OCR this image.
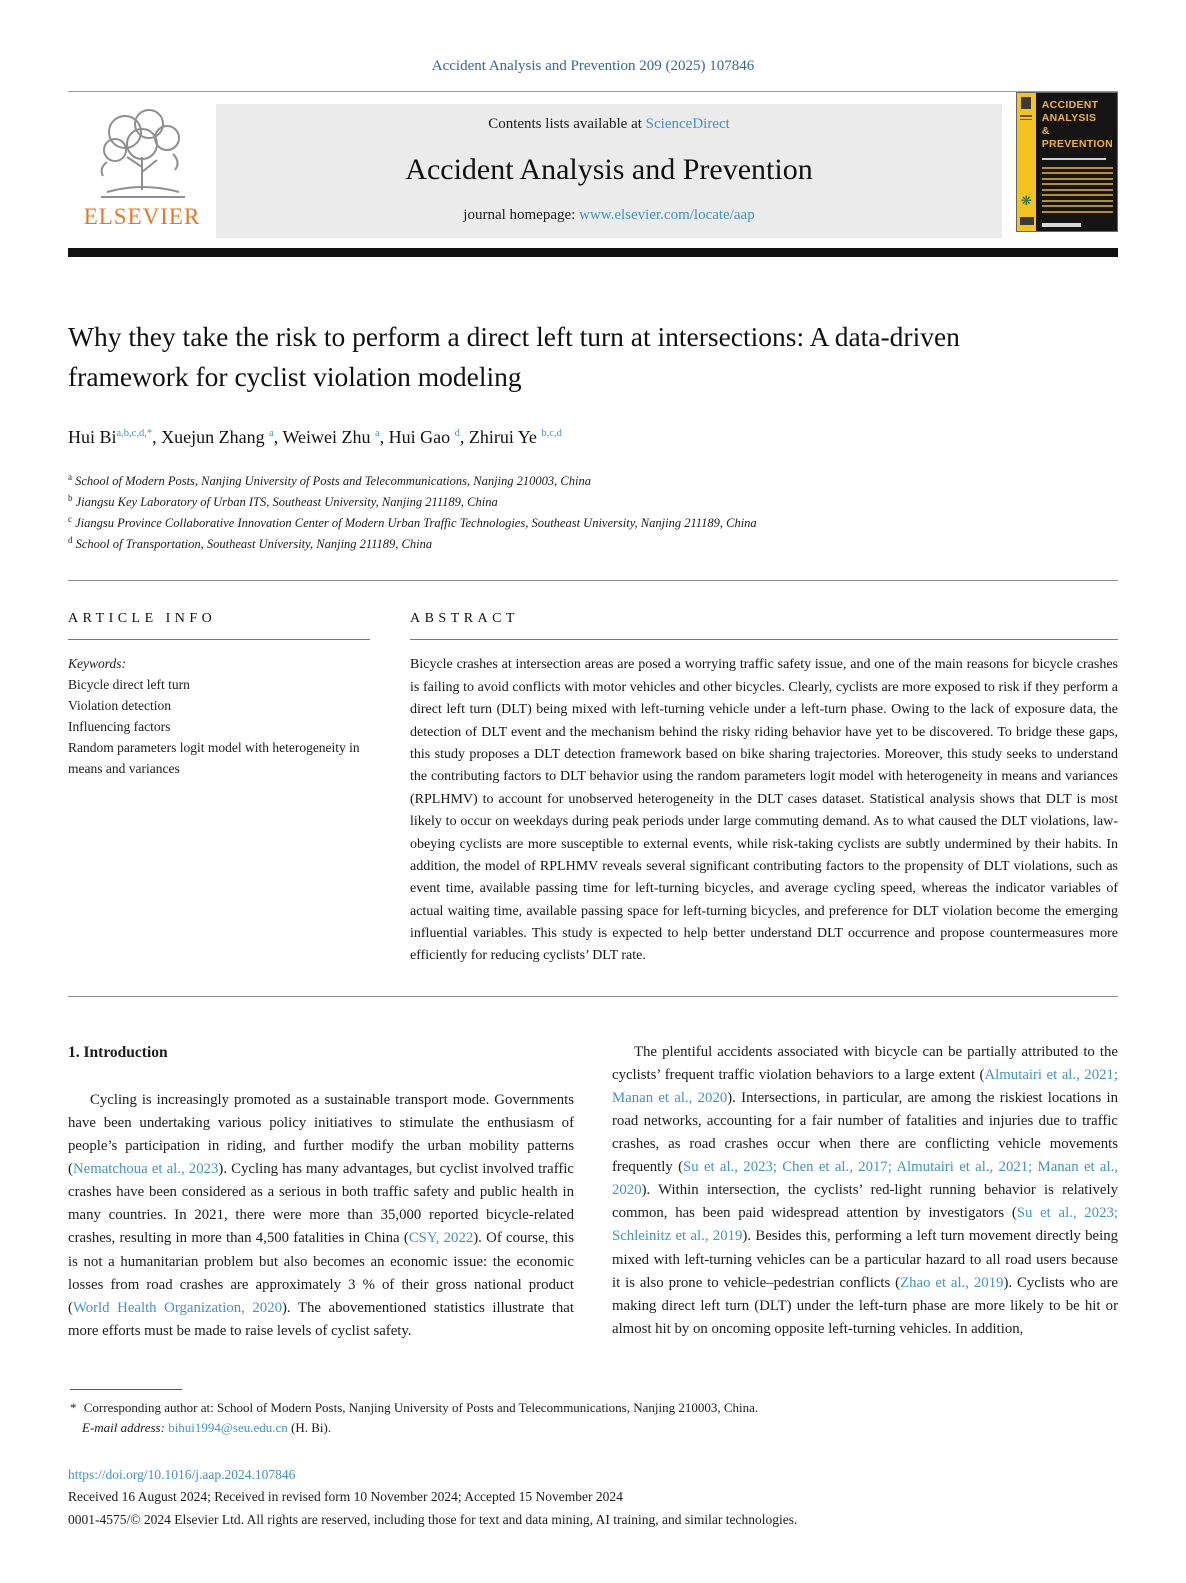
Accident Analysis and Prevention 209 (2025) 107846
ELSEVIER
Contents lists available at ScienceDirect
Accident Analysis and Prevention
journal homepage: www.elsevier.com/locate/aap
❋
ACCIDENT
ANALYSIS
&
PREVENTION
Why they take the risk to perform a direct left turn at intersections: A data-driven framework for cyclist violation modeling
Hui $Bi^{a,b,c,d,*}$, Xuejun Zhang $^a$, Weiwei Zhu $^a$, Hui Gao $^d$, Zhirui Ye $^{b,c,d}$
$^a$ School of Modern Posts, Nanjing University of Posts and Telecommunications, Nanjing 210003, China
$^b$ Jiangsu Key Laboratory of Urban ITS, Southeast University, Nanjing 211189, China
$^c$ Jiangsu Province Collaborative Innovation Center of Modern Urban Traffic Technologies, Southeast University, Nanjing 211189, China
$^d$ School of Transportation, Southeast University, Nanjing 211189, China
ARTICLE INFO
Keywords:
Bicycle direct left turn
Violation detection
Influencing factors
Random parameters logit model with heterogeneity in means and variances
ABSTRACT
Bicycle crashes at intersection areas are posed a worrying traffic safety issue, and one of the main reasons for bicycle crashes is failing to avoid conflicts with motor vehicles and other bicycles. Clearly, cyclists are more exposed to risk if they perform a direct left turn (DLT) being mixed with left-turning vehicle under a left-turn phase. Owing to the lack of exposure data, the detection of DLT event and the mechanism behind the risky riding behavior have yet to be discovered. To bridge these gaps, this study proposes a DLT detection framework based on bike sharing trajectories. Moreover, this study seeks to understand the contributing factors to DLT behavior using the random parameters logit model with heterogeneity in means and variances (RPLHMV) to account for unobserved heterogeneity in the DLT cases dataset. Statistical analysis shows that DLT is most likely to occur on weekdays during peak periods under large commuting demand. As to what caused the DLT violations, law-obeying cyclists are more susceptible to external events, while risk-taking cyclists are subtly undermined by their habits. In addition, the model of RPLHMV reveals several significant contributing factors to the propensity of DLT violations, such as event time, available passing time for left-turning bicycles, and average cycling speed, whereas the indicator variables of actual waiting time, available passing space for left-turning bicycles, and preference for DLT violation become the emerging influential variables. This study is expected to help better understand DLT occurrence and propose countermeasures more efficiently for reducing cyclists’ DLT rate.
1. Introduction

Cycling is increasingly promoted as a sustainable transport mode. Governments have been undertaking various policy initiatives to stimulate the enthusiasm of people’s participation in riding, and further modify the urban mobility patterns (Nematchoua et al., 2023). Cycling has many advantages, but cyclist involved traffic crashes have been considered as a serious in both traffic safety and public health in many countries. In 2021, there were more than 35,000 reported bicycle-related crashes, resulting in more than 4,500 fatalities in China (CSY, 2022). Of course, this is not a humanitarian problem but also becomes an economic issue: the economic losses from road crashes are approximately 3 % of their gross national product (World Health Organization, 2020). The abovementioned statistics illustrate that more efforts must be made to raise levels of cyclist safety.

The plentiful accidents associated with bicycle can be partially attributed to the cyclists’ frequent traffic violation behaviors to a large extent (Almutairi et al., 2021; Manan et al., 2020). Intersections, in particular, are among the riskiest locations in road networks, accounting for a fair number of fatalities and injuries due to traffic crashes, as road crashes occur when there are conflicting vehicle movements frequently (Su et al., 2023; Chen et al., 2017; Almutairi et al., 2021; Manan et al., 2020). Within intersection, the cyclists’ red-light running behavior is relatively common, has been paid widespread attention by investigators (Su et al., 2023; Schleinitz et al., 2019). Besides this, performing a left turn movement directly being mixed with left-turning vehicles can be a particular hazard to all road users because it is also prone to vehicle–pedestrian conflicts (Zhao et al., 2019). Cyclists who are making direct left turn (DLT) under the left-turn phase are more likely to be hit or almost hit by on oncoming opposite left-turning vehicles. In addition,

* Corresponding author at: School of Modern Posts, Nanjing University of Posts and Telecommunications, Nanjing 210003, China.
E-mail address: bihui1994@seu.edu.cn (H. Bi).
https://doi.org/10.1016/j.aap.2024.107846
Received 16 August 2024; Received in revised form 10 November 2024; Accepted 15 November 2024
0001-4575/© 2024 Elsevier Ltd. All rights are reserved, including those for text and data mining, AI training, and similar technologies.
